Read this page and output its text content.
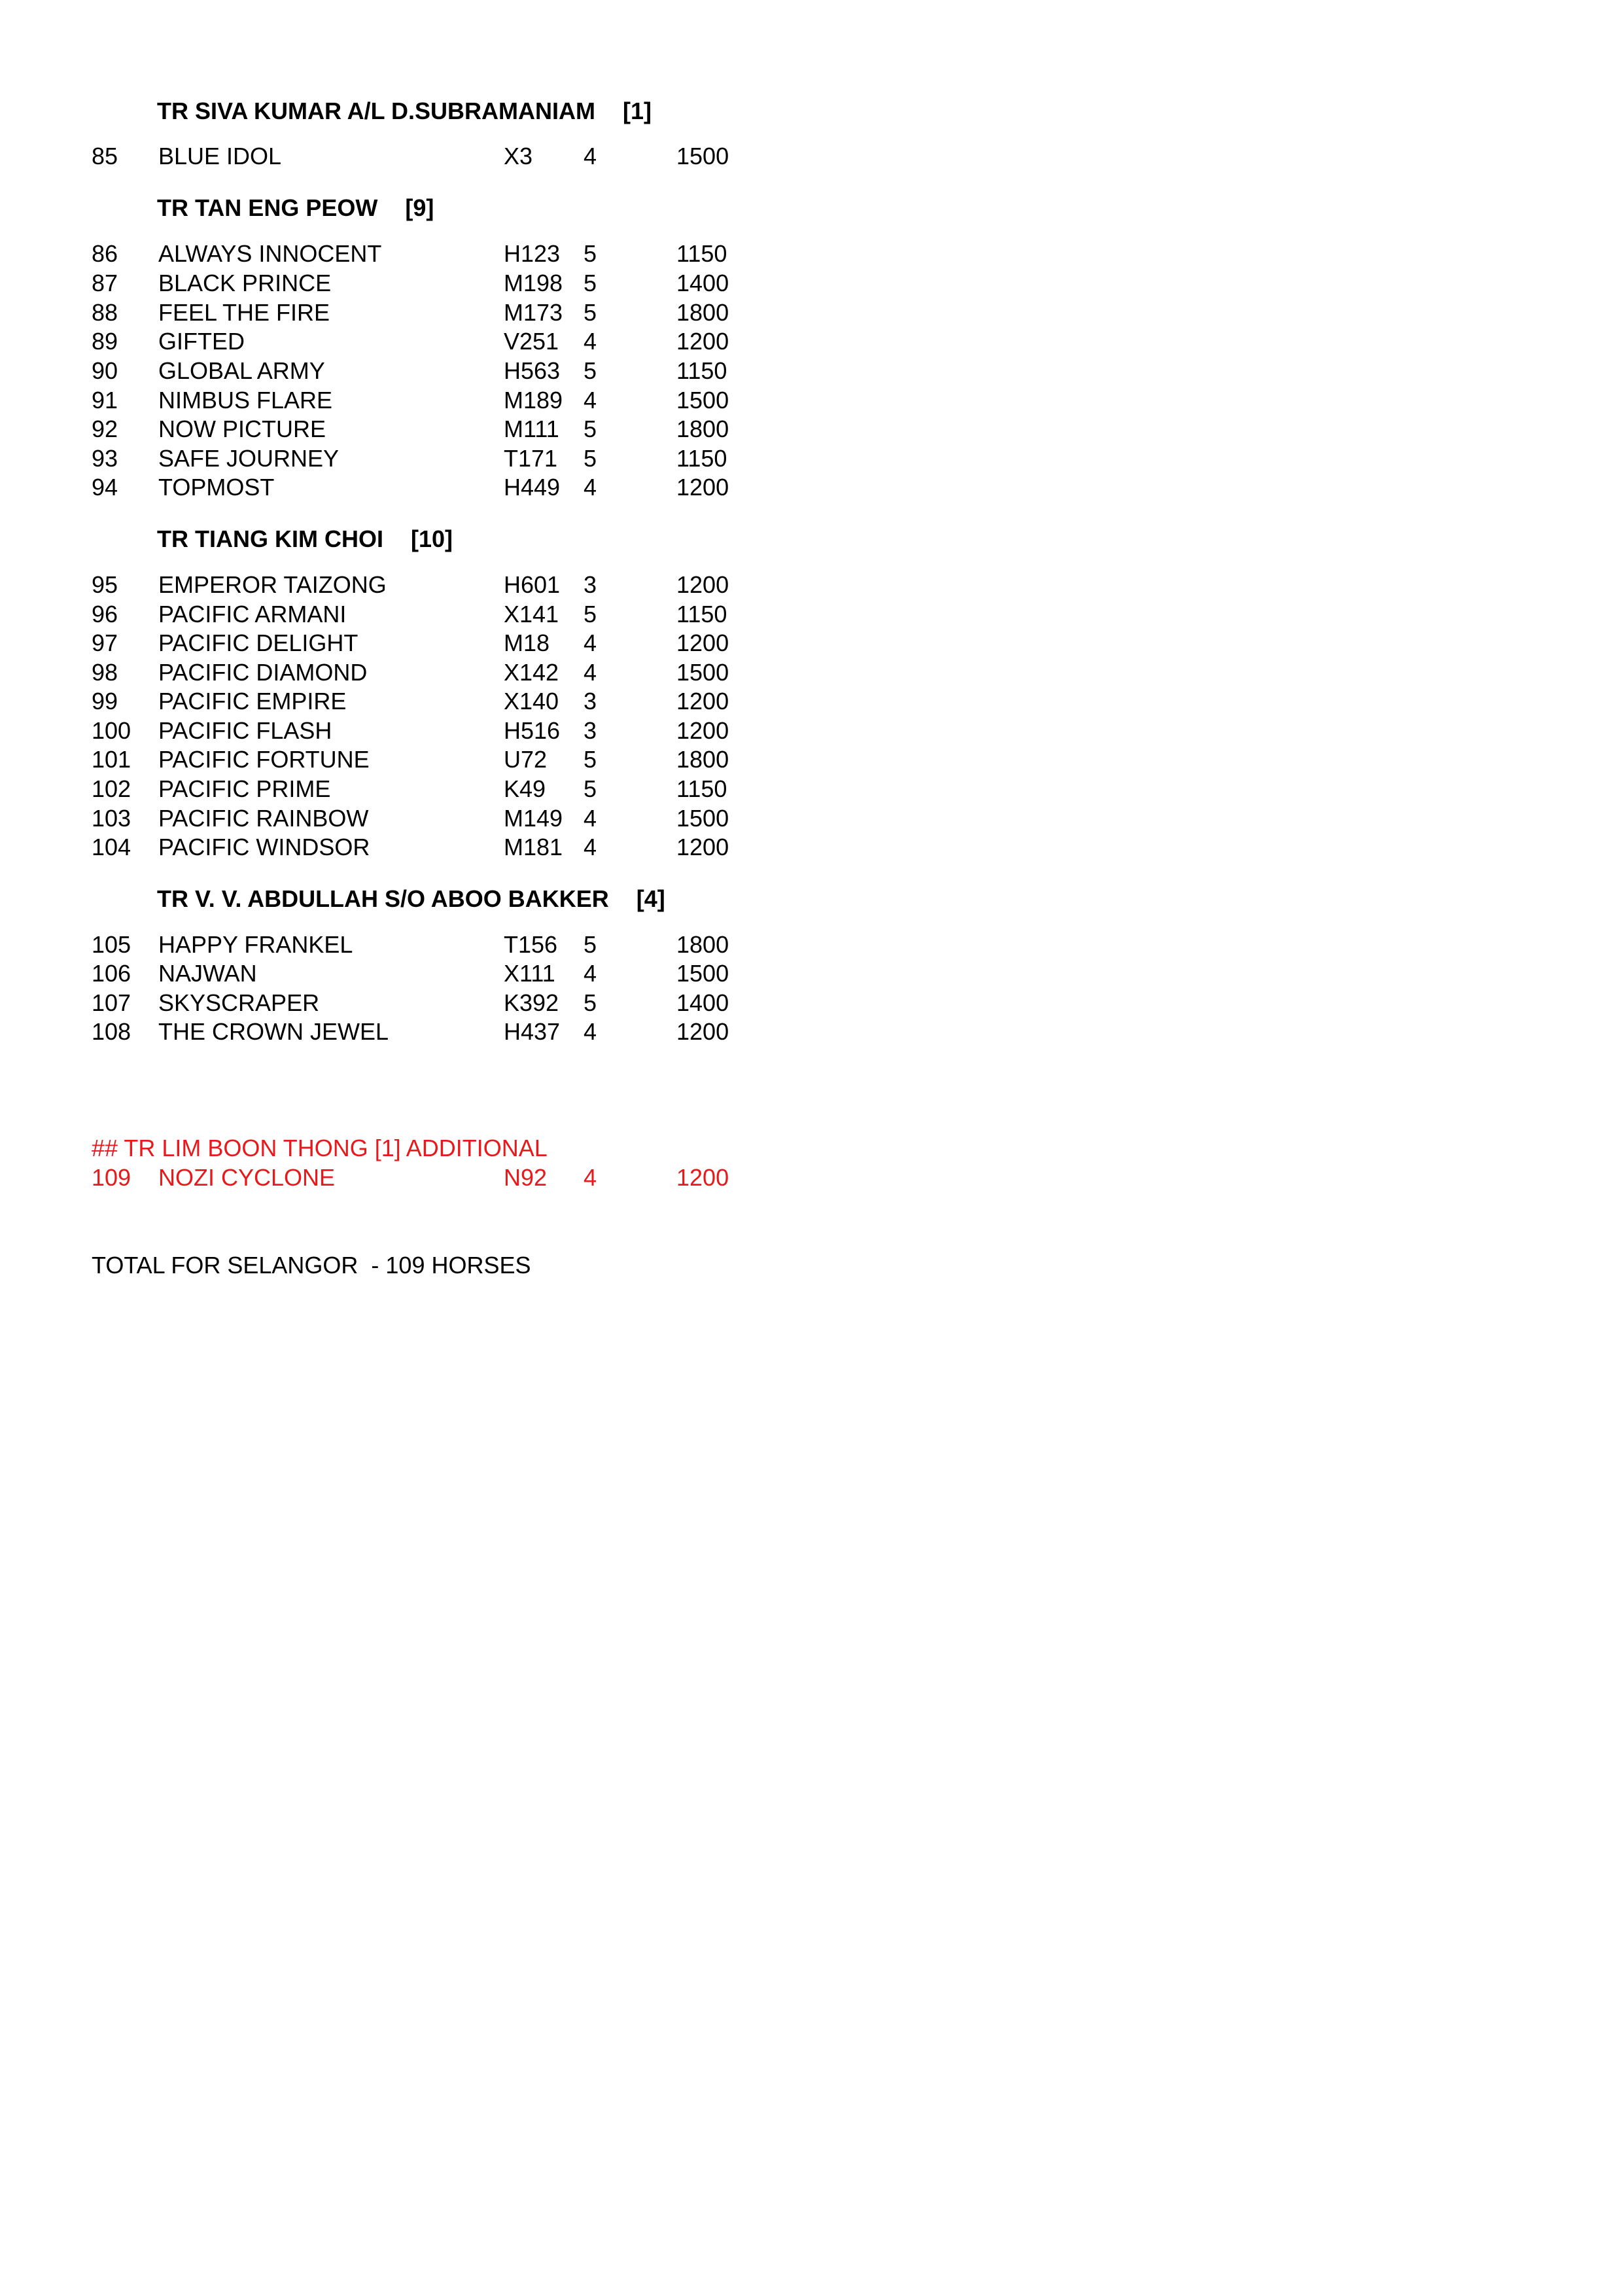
TR SIVA KUMAR A/L D.SUBRAMANIAM [1]
85 BLUE IDOL	X3 4	1500
TR TAN ENG PEOW [9]
86 ALWAYS INNOCENT	H123 5	1150
87 BLACK PRINCE	M198 5	1400
88 FEEL THE FIRE	M173 5	1800
89 GIFTED	V251 4	1200
90 GLOBAL ARMY	H563 5	1150
91 NIMBUS FLARE	M189 4	1500
92 NOW PICTURE	M111 5	1800
93 SAFE JOURNEY	T171 5	1150
94 TOPMOST	H449 4	1200
TR TIANG KIM CHOI [10]
95 EMPEROR TAIZONG	H601 3	1200
96 PACIFIC ARMANI	X141 5	1150
97 PACIFIC DELIGHT	M18 4	1200
98 PACIFIC DIAMOND	X142 4	1500
99 PACIFIC EMPIRE	X140 3	1200
100 PACIFIC FLASH	H516 3	1200
101 PACIFIC FORTUNE	U72 5	1800
102 PACIFIC PRIME	K49 5	1150
103 PACIFIC RAINBOW	M149 4	1500
104 PACIFIC WINDSOR	M181 4	1200
TR V. V. ABDULLAH S/O ABOO BAKKER [4]
105 HAPPY FRANKEL	T156 5	1800
106 NAJWAN	X111 4	1500
107 SKYSCRAPER	K392 5	1400
108 THE CROWN JEWEL	H437 4	1200
## TR LIM BOON THONG [1] ADDITIONAL
109 NOZI CYCLONE	N92 4	1200
TOTAL FOR SELANGOR  - 109 HORSES
